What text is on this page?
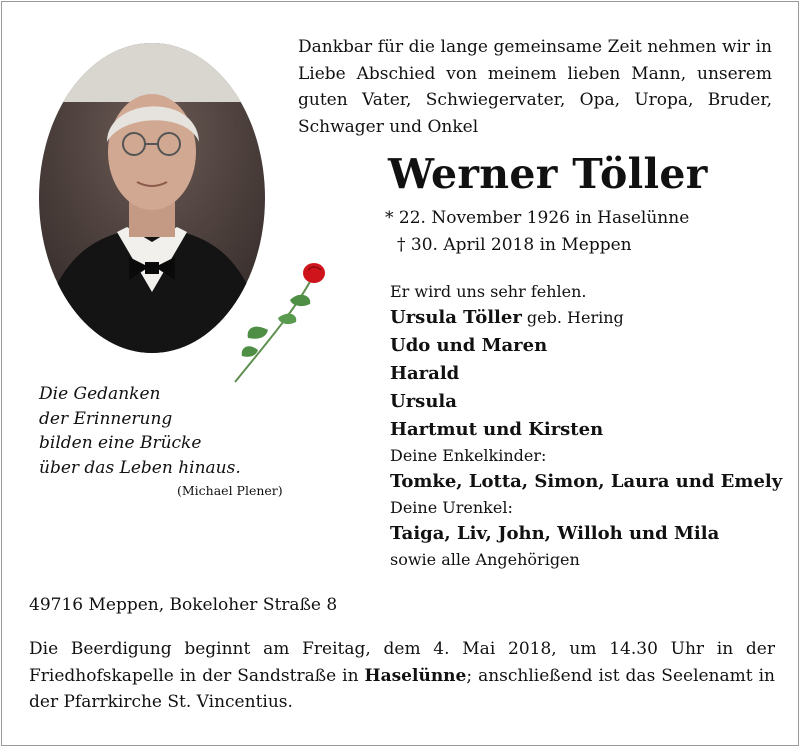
Dankbar für die lange gemeinsame Zeit nehmen wir in Liebe Abschied von meinem lieben Mann, unserem guten Vater, Schwiegervater, Opa, Uropa, Bruder, Schwager und Onkel
Werner Töller
* 22. November 1926 in Haselünne
† 30. April 2018 in Meppen
Die Gedanken
der Erinnerung
bilden eine Brücke
über das Leben hinaus.
(Michael Plener)
Er wird uns sehr fehlen.
Ursula Töller geb. Hering
Udo und Maren
Harald
Ursula
Hartmut und Kirsten
Deine Enkelkinder:
Tomke, Lotta, Simon, Laura und Emely
Deine Urenkel:
Taiga, Liv, John, Willoh und Mila
sowie alle Angehörigen
49716 Meppen, Bokeloher Straße 8
Die Beerdigung beginnt am Freitag, dem 4. Mai 2018, um 14.30 Uhr in der Friedhofskapelle in der Sandstraße in Haselünne; anschließend ist das Seelenamt in der Pfarrkirche St. Vincentius.
